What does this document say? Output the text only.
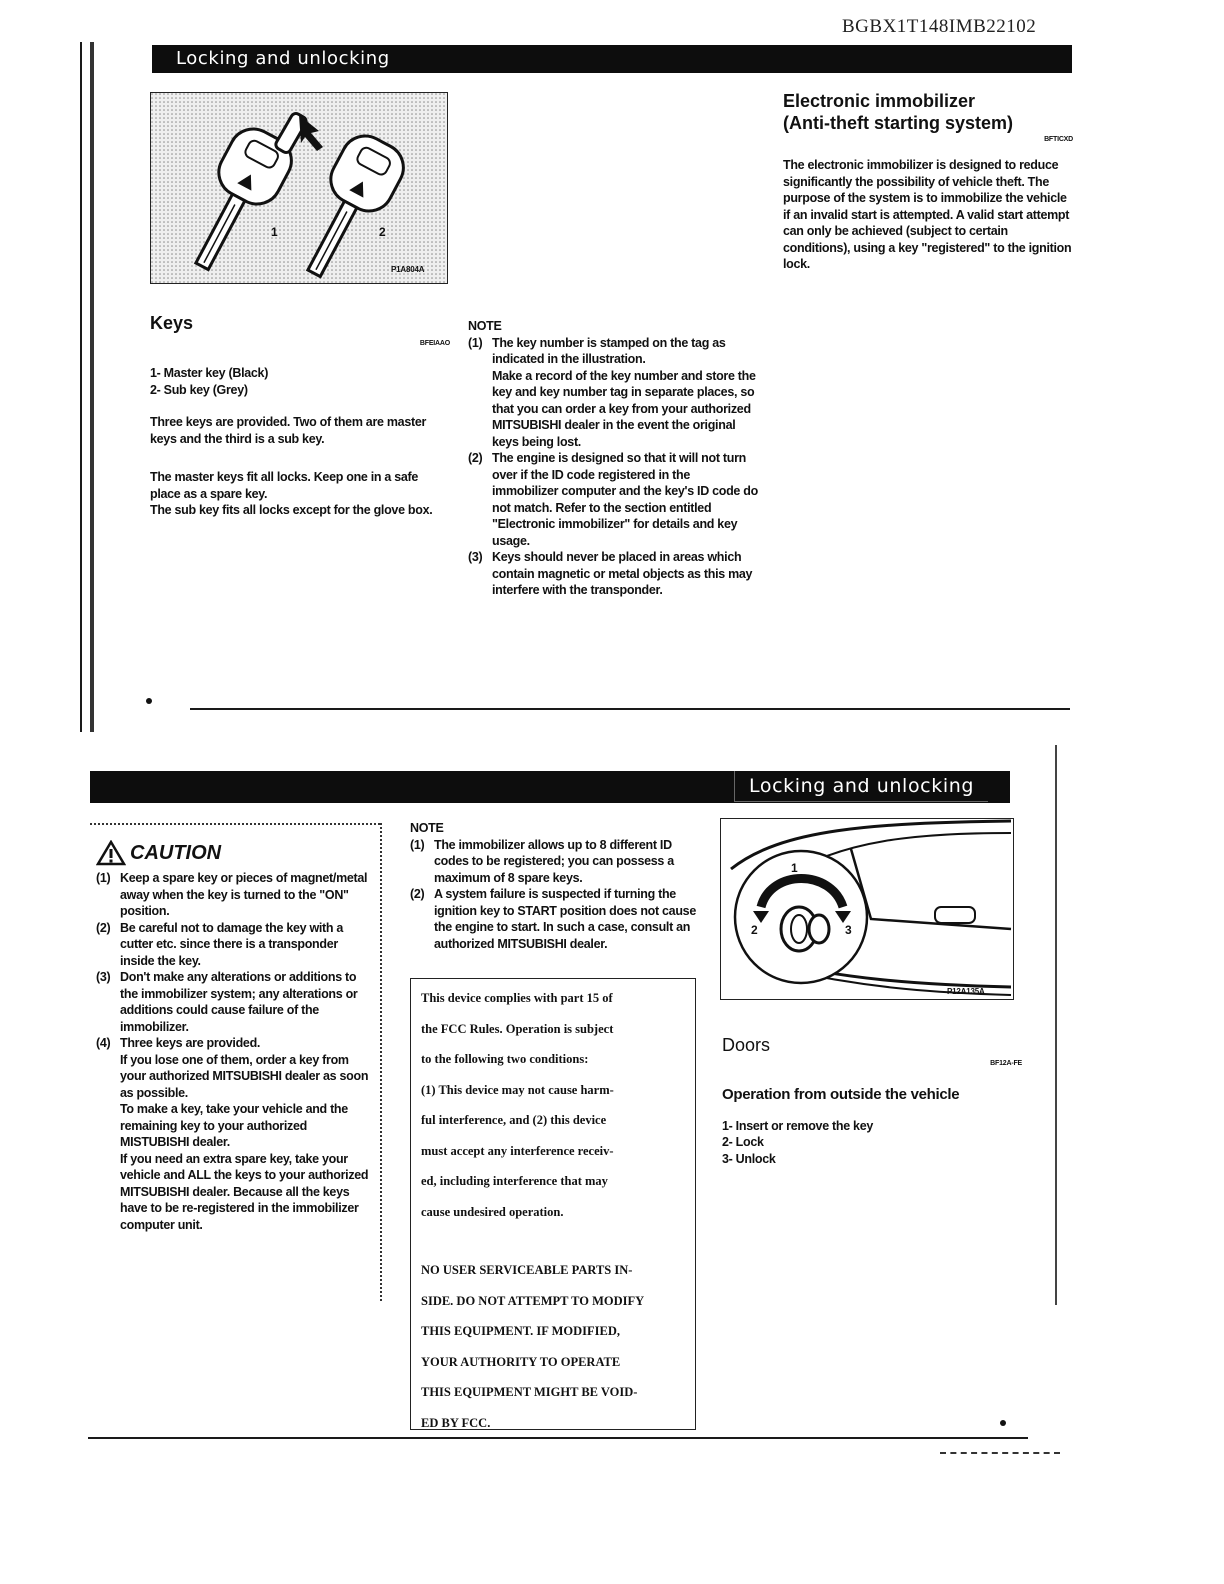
BGBX1T148IMB22102
Locking and unlocking
1	2
P1A804A
Keys
BFEIAAO

1- Master key (Black)

2- Sub key (Grey)

Three keys are provided. Two of them are master keys and the third is a sub key.

The master keys fit all locks. Keep one in a safe place as a spare key.

The sub key fits all locks except for the glove box.

NOTE
(1) The key number is stamped on the tag as indicated in the illustration.
Make a record of the key number and store the key and key number tag in separate places, so that you can order a key from your authorized MITSUBISHI dealer in the event the original keys being lost.
(2) The engine is designed so that it will not turn over if the ID code registered in the immobilizer computer and the key's ID code do not match. Refer to the section entitled "Electronic immobilizer" for details and key usage.
(3) Keys should never be placed in areas which contain magnetic or metal objects as this may interfere with the transponder.
Electronic immobilizer
(Anti-theft starting system)
BFTICXD

The electronic immobilizer is designed to reduce significantly the possibility of vehicle theft. The purpose of the system is to immobilize the vehicle if an invalid start is attempted. A valid start attempt can only be achieved (subject to certain conditions), using a key "registered" to the ignition lock.

Locking and unlocking
CAUTION
(1) Keep a spare key or pieces of magnet/metal away when the key is turned to the "ON" position.
(2) Be careful not to damage the key with a cutter etc. since there is a transponder inside the key.
(3) Don't make any alterations or additions to the immobilizer system; any alterations or additions could cause failure of the immobilizer.
(4) Three keys are provided.
If you lose one of them, order a key from your authorized MITSUBISHI dealer as soon as possible.
To make a key, take your vehicle and the remaining key to your authorized MISTUBISHI dealer.
If you need an extra spare key, take your vehicle and ALL the keys to your authorized MITSUBISHI dealer. Because all the keys have to be re-registered in the immobilizer computer unit.
NOTE
(1) The immobilizer allows up to 8 different ID codes to be registered; you can possess a maximum of 8 spare keys.
(2) A system failure is suspected if turning the ignition key to START position does not cause the engine to start. In such a case, consult an authorized MITSUBISHI dealer.
This device complies with part 15 of
the FCC Rules. Operation is subject
to the following two conditions:
(1) This device may not cause harm-
ful interference, and (2) this device
must accept any interference receiv-
ed, including interference that may
cause undesired operation.
NO USER SERVICEABLE PARTS IN-
SIDE. DO NOT ATTEMPT TO MODIFY
THIS EQUIPMENT. IF MODIFIED,
YOUR AUTHORITY TO OPERATE
THIS EQUIPMENT MIGHT BE VOID-
ED BY FCC.
1
2	3
P12A135A
Doors
BF12A-FE
Operation from outside the vehicle

1- Insert or remove the key

2- Lock

3- Unlock
